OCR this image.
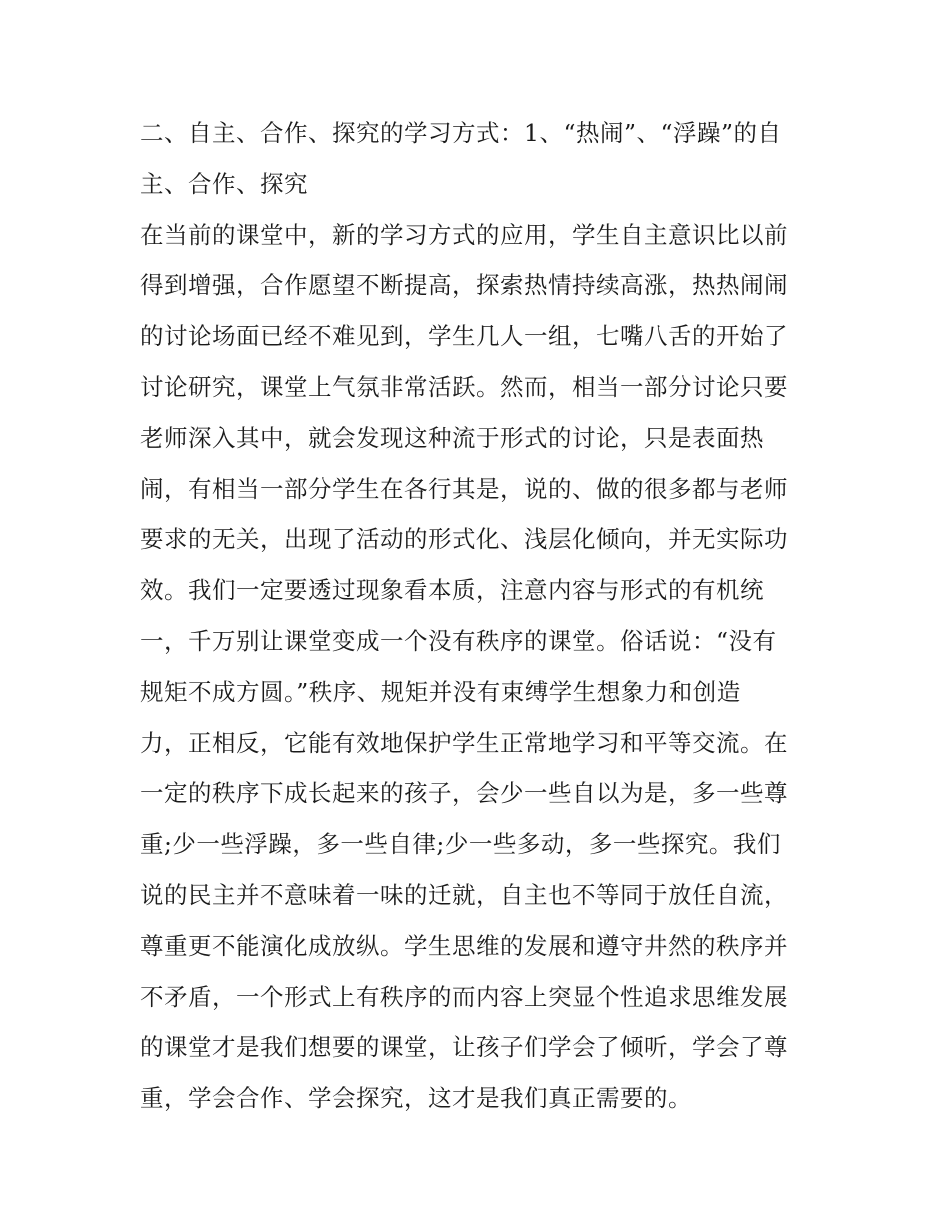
二、自主、合作、探究的学习方式：1、“热闹”、“浮躁”的自
主、合作、探究
在当前的课堂中，新的学习方式的应用，学生自主意识比以前
得到增强，合作愿望不断提高，探索热情持续高涨，热热闹闹
的讨论场面已经不难见到，学生几人一组，七嘴八舌的开始了
讨论研究，课堂上气氛非常活跃。然而，相当一部分讨论只要
老师深入其中，就会发现这种流于形式的讨论，只是表面热
闹，有相当一部分学生在各行其是，说的、做的很多都与老师
要求的无关，出现了活动的形式化、浅层化倾向，并无实际功
效。我们一定要透过现象看本质，注意内容与形式的有机统
一，千万别让课堂变成一个没有秩序的课堂。俗话说：“没有
规矩不成方圆。”秩序、规矩并没有束缚学生想象力和创造
力，正相反，它能有效地保护学生正常地学习和平等交流。在
一定的秩序下成长起来的孩子，会少一些自以为是，多一些尊
重;少一些浮躁，多一些自律;少一些多动，多一些探究。我们
说的民主并不意味着一味的迁就，自主也不等同于放任自流，
尊重更不能演化成放纵。学生思维的发展和遵守井然的秩序并
不矛盾，一个形式上有秩序的而内容上突显个性追求思维发展
的课堂才是我们想要的课堂，让孩子们学会了倾听，学会了尊
重，学会合作、学会探究，这才是我们真正需要的。
